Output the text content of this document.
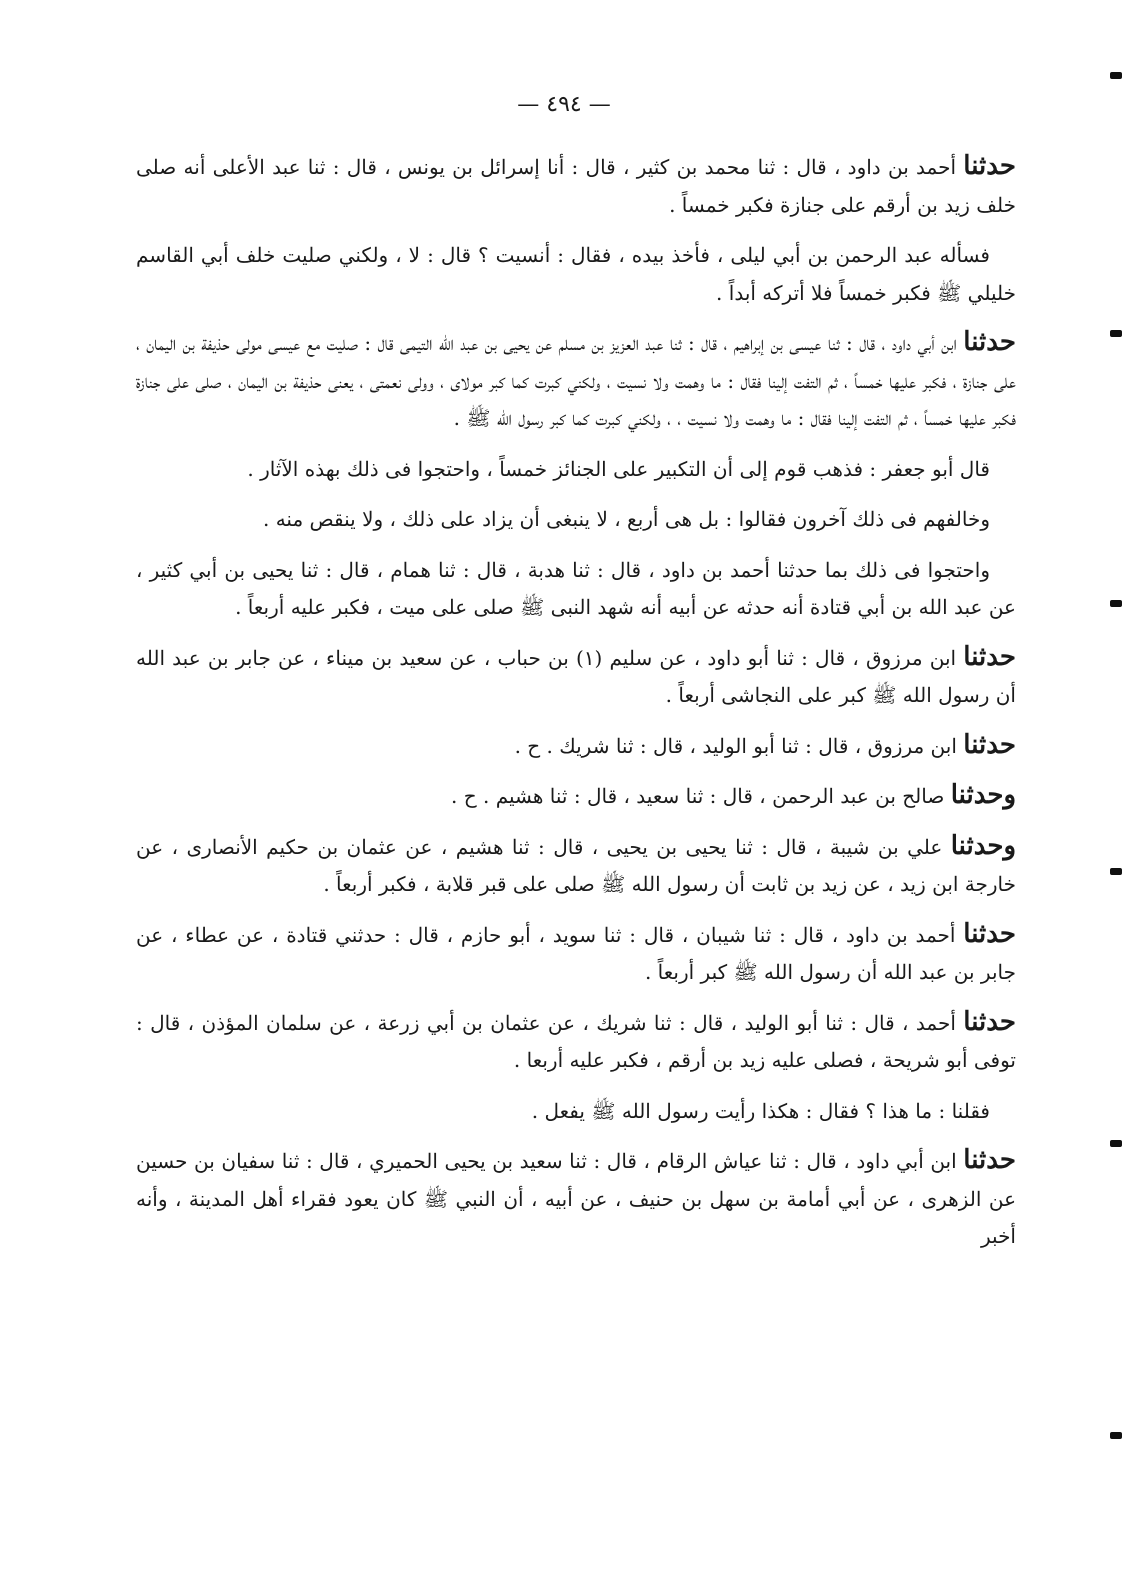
— ٤٩٤ —

حدثنا أحمد بن داود ، قال : ثنا محمد بن كثير ، قال : أنا إسرائل بن يونس ، قال : ثنا عبد الأعلى أنه صلى خلف زيد بن أرقم على جنازة فكبر خمساً .

فسأله عبد الرحمن بن أبي ليلى ، فأخذ بيده ، فقال : أنسيت ؟ قال : لا ، ولكني صليت خلف أبي القاسم خليلي ﷺ فكبر خمساً فلا أتركه أبداً .

حدثنا ابن أبي داود ، قال : ثنا عيسى بن إبراهيم ، قال : ثنا عبد العزيز بن مسلم عن يحيى بن عبد الله التيمى قال : صليت مع عيسى مولى حذيفة بن اليمان ، على جنازة ، فكبر عليها خمساً ، ثم التفت إلينا فقال : ما وهمت ولا نسيت ، ولكني كبرت كما كبر مولاى ، وولى نعمتى ، يعنى حذيفة بن اليمان ، صلى على جنازة فكبر عليها خمساً ، ثم التفت إلينا فقال : ما وهمت ولا نسيت ، ، ولكني كبرت كما كبر رسول الله ﷺ .

قال أبو جعفر : فذهب قوم إلى أن التكبير على الجنائز خمساً ، واحتجوا فى ذلك بهذه الآثار .

وخالفهم فى ذلك آخرون فقالوا : بل هى أربع ، لا ينبغى أن يزاد على ذلك ، ولا ينقص منه .

واحتجوا فى ذلك بما حدثنا أحمد بن داود ، قال : ثنا هدبة ، قال : ثنا همام ، قال : ثنا يحيى بن أبي كثير ، عن عبد الله بن أبي قتادة أنه حدثه عن أبيه أنه شهد النبى ﷺ صلى على ميت ، فكبر عليه أربعاً .

حدثنا ابن مرزوق ، قال : ثنا أبو داود ، عن سليم (١) بن حباب ، عن سعيد بن ميناء ، عن جابر بن عبد الله أن رسول الله ﷺ كبر على النجاشى أربعاً .

حدثنا ابن مرزوق ، قال : ثنا أبو الوليد ، قال : ثنا شريك . ح .

وحدثنا صالح بن عبد الرحمن ، قال : ثنا سعيد ، قال : ثنا هشيم . ح .

وحدثنا علي بن شيبة ، قال : ثنا يحيى بن يحيى ، قال : ثنا هشيم ، عن عثمان بن حكيم الأنصارى ، عن خارجة ابن زيد ، عن زيد بن ثابت أن رسول الله ﷺ صلى على قبر قلابة ، فكبر أربعاً .

حدثنا أحمد بن داود ، قال : ثنا شيبان ، قال : ثنا سويد ، أبو حازم ، قال : حدثني قتادة ، عن عطاء ، عن جابر بن عبد الله أن رسول الله ﷺ كبر أربعاً .

حدثنا أحمد ، قال : ثنا أبو الوليد ، قال : ثنا شريك ، عن عثمان بن أبي زرعة ، عن سلمان المؤذن ، قال : توفى أبو شريحة ، فصلى عليه زيد بن أرقم ، فكبر عليه أربعا .

فقلنا : ما هذا ؟ فقال : هكذا رأيت رسول الله ﷺ يفعل .

حدثنا ابن أبي داود ، قال : ثنا عياش الرقام ، قال : ثنا سعيد بن يحيى الحميري ، قال : ثنا سفيان بن حسين عن الزهرى ، عن أبي أمامة بن سهل بن حنيف ، عن أبيه ، أن النبي ﷺ كان يعود فقراء أهل المدينة ، وأنه أخبر
